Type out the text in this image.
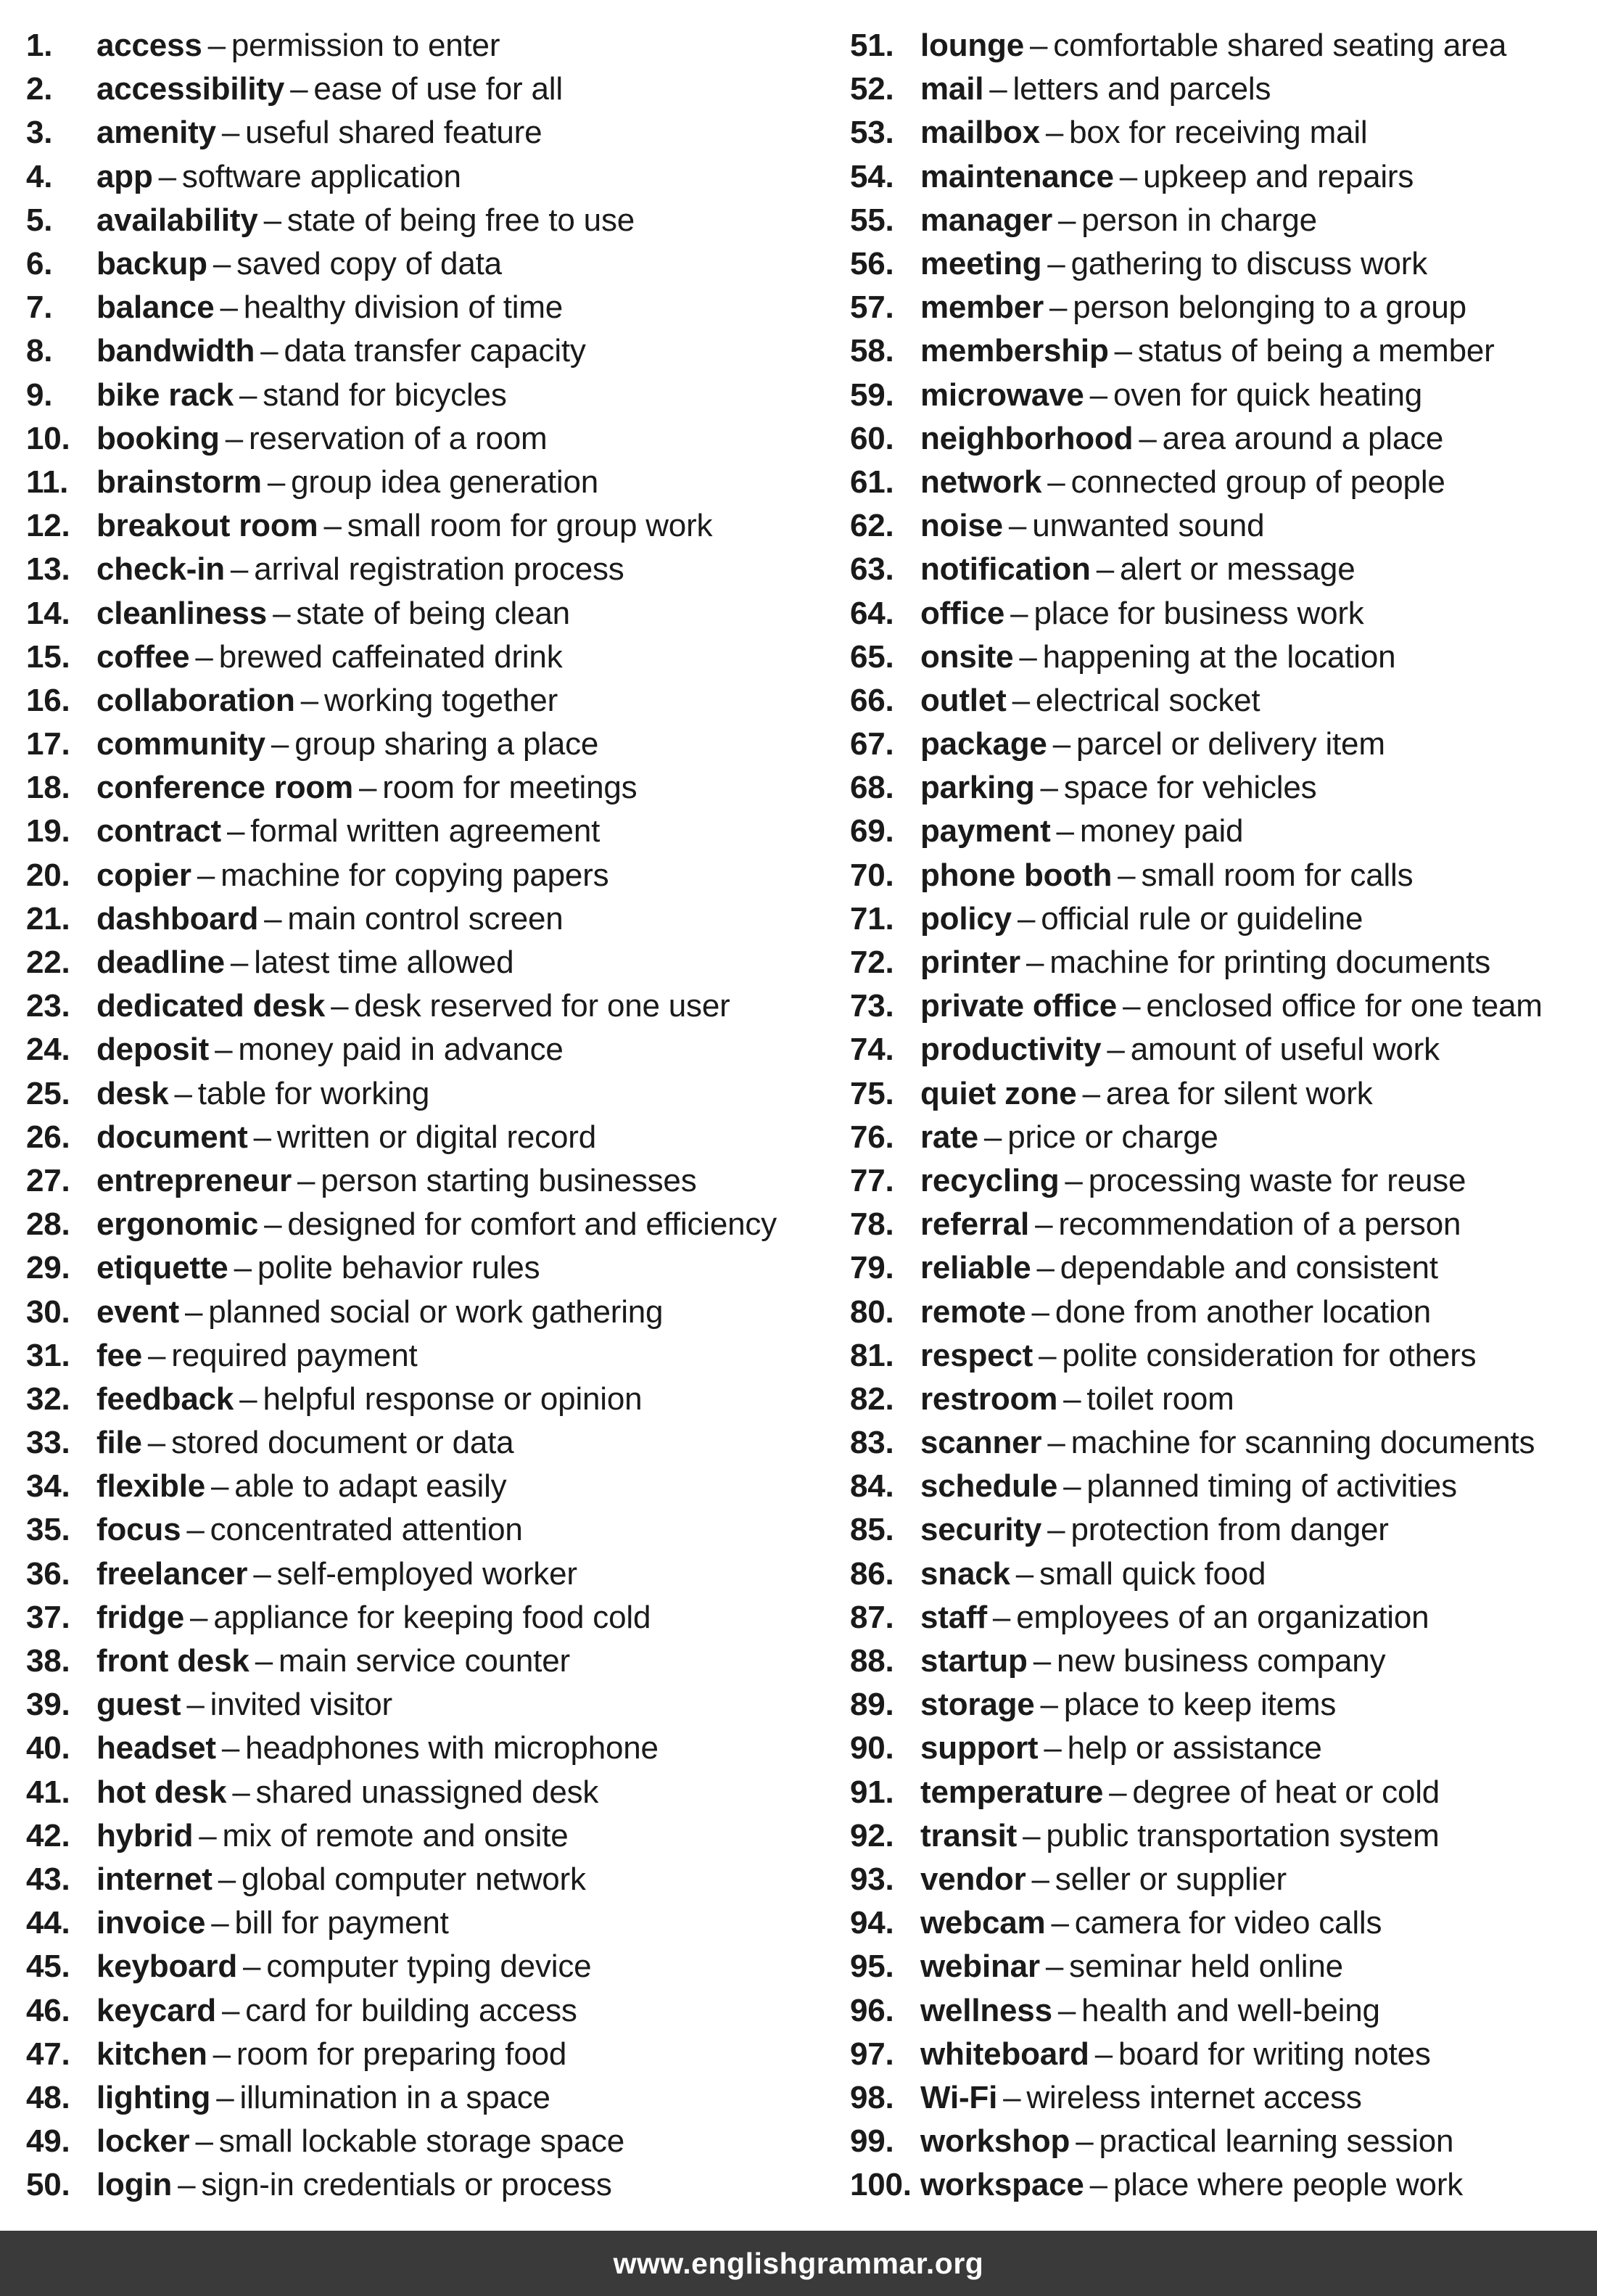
1.	access – permission to enter
2.	accessibility – ease of use for all
3.	amenity – useful shared feature
4.	app – software application
5.	availability – state of being free to use
6.	backup – saved copy of data
7.	balance – healthy division of time
8.	bandwidth – data transfer capacity
9.	bike rack – stand for bicycles
10. booking – reservation of a room
11. brainstorm – group idea generation
12. breakout room – small room for group work
13. check-in – arrival registration process
14. cleanliness – state of being clean
15. coffee – brewed caffeinated drink
16. collaboration – working together
17. community – group sharing a place
18. conference room – room for meetings
19. contract – formal written agreement
20. copier – machine for copying papers
21. dashboard – main control screen
22. deadline – latest time allowed
23. dedicated desk – desk reserved for one user
24. deposit – money paid in advance
25. desk – table for working
26. document – written or digital record
27. entrepreneur – person starting businesses
28. ergonomic – designed for comfort and efficiency
29. etiquette – polite behavior rules
30. event – planned social or work gathering
31. fee – required payment
32. feedback – helpful response or opinion
33. file – stored document or data
34. flexible – able to adapt easily
35. focus – concentrated attention
36. freelancer – self-employed worker
37. fridge – appliance for keeping food cold
38. front desk – main service counter
39. guest – invited visitor
40. headset – headphones with microphone
41. hot desk – shared unassigned desk
42. hybrid – mix of remote and onsite
43. internet – global computer network
44. invoice – bill for payment
45. keyboard – computer typing device
46. keycard – card for building access
47. kitchen – room for preparing food
48. lighting – illumination in a space
49. locker – small lockable storage space
50. login – sign-in credentials or process
51. lounge – comfortable shared seating area
52. mail – letters and parcels
53. mailbox – box for receiving mail
54. maintenance – upkeep and repairs
55. manager – person in charge
56. meeting – gathering to discuss work
57. member – person belonging to a group
58. membership – status of being a member
59. microwave – oven for quick heating
60. neighborhood – area around a place
61. network – connected group of people
62. noise – unwanted sound
63. notification – alert or message
64. office – place for business work
65. onsite – happening at the location
66. outlet – electrical socket
67. package – parcel or delivery item
68. parking – space for vehicles
69. payment – money paid
70. phone booth – small room for calls
71. policy – official rule or guideline
72. printer – machine for printing documents
73. private office – enclosed office for one team
74. productivity – amount of useful work
75. quiet zone – area for silent work
76. rate – price or charge
77. recycling – processing waste for reuse
78. referral – recommendation of a person
79. reliable – dependable and consistent
80. remote – done from another location
81. respect – polite consideration for others
82. restroom – toilet room
83. scanner – machine for scanning documents
84. schedule – planned timing of activities
85. security – protection from danger
86. snack – small quick food
87. staff – employees of an organization
88. startup – new business company
89. storage – place to keep items
90. support – help or assistance
91. temperature – degree of heat or cold
92. transit – public transportation system
93. vendor – seller or supplier
94. webcam – camera for video calls
95. webinar – seminar held online
96. wellness – health and well-being
97. whiteboard – board for writing notes
98. Wi-Fi – wireless internet access
99. workshop – practical learning session
100. workspace – place where people work
www.englishgrammar.org
